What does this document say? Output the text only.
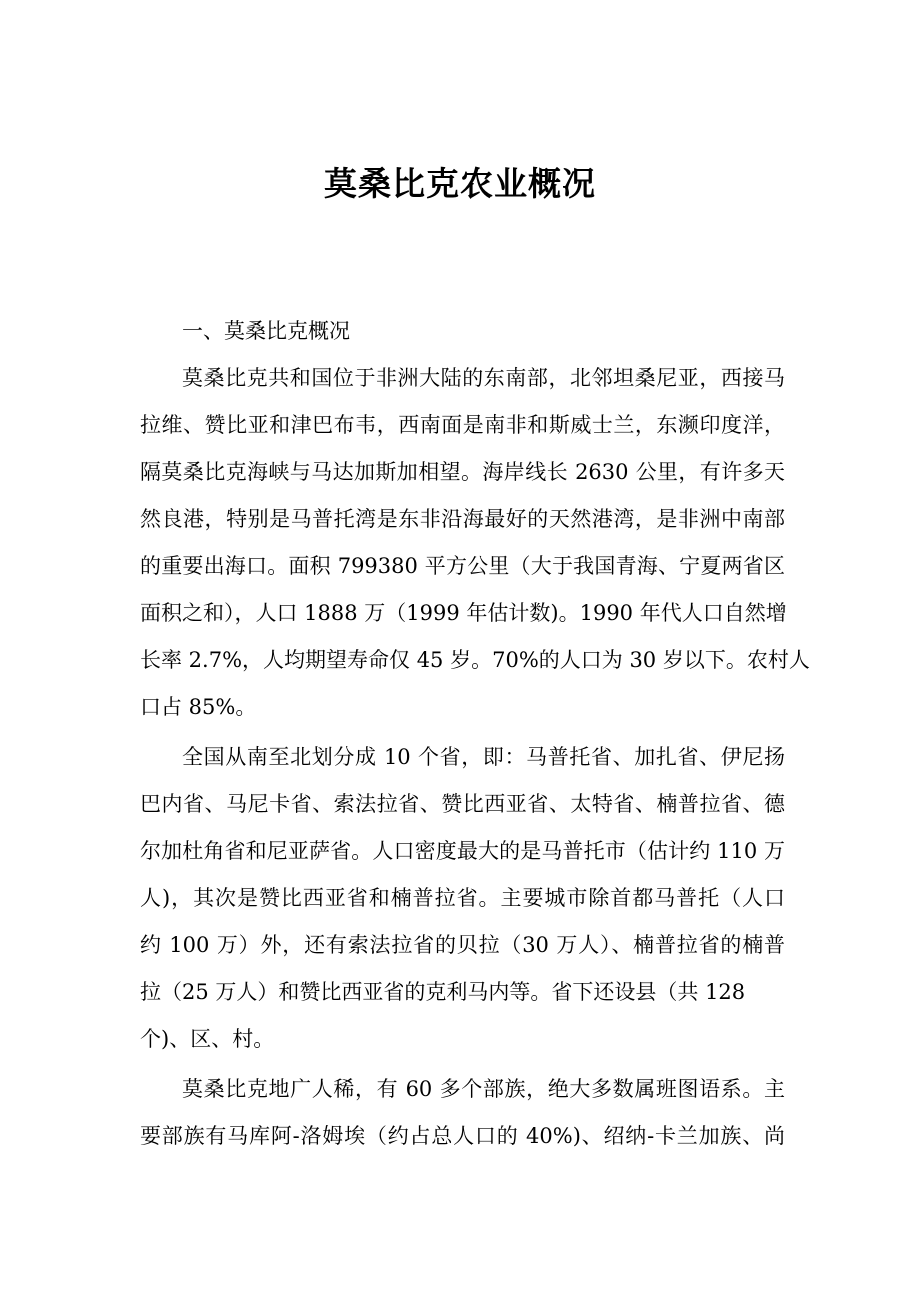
莫桑比克农业概况

一、莫桑比克概况

莫桑比克共和国位于非洲大陆的东南部，北邻坦桑尼亚，西接马
拉维、赞比亚和津巴布韦，西南面是南非和斯威士兰，东濒印度洋，
隔莫桑比克海峡与马达加斯加相望。海岸线长 2630 公里，有许多天
然良港，特别是马普托湾是东非沿海最好的天然港湾，是非洲中南部
的重要出海口。面积 799380 平方公里（大于我国青海、宁夏两省区
面积之和），人口 1888 万（1999 年估计数)。1990 年代人口自然增
长率 2.7%，人均期望寿命仅 45 岁。70%的人口为 30 岁以下。农村人
口占 85%。
全国从南至北划分成 10 个省，即：马普托省、加扎省、伊尼扬
巴内省、马尼卡省、索法拉省、赞比西亚省、太特省、楠普拉省、德
尔加杜角省和尼亚萨省。人口密度最大的是马普托市（估计约 110 万
人)，其次是赞比西亚省和楠普拉省。主要城市除首都马普托（人口
约 100 万）外，还有索法拉省的贝拉（30 万人）、楠普拉省的楠普
拉（25 万人）和赞比西亚省的克利马内等。省下还设县（共 128
个)、区、村。
莫桑比克地广人稀，有 60 多个部族，绝大多数属班图语系。主
要部族有马库阿-洛姆埃（约占总人口的 40%)、绍纳-卡兰加族、尚
